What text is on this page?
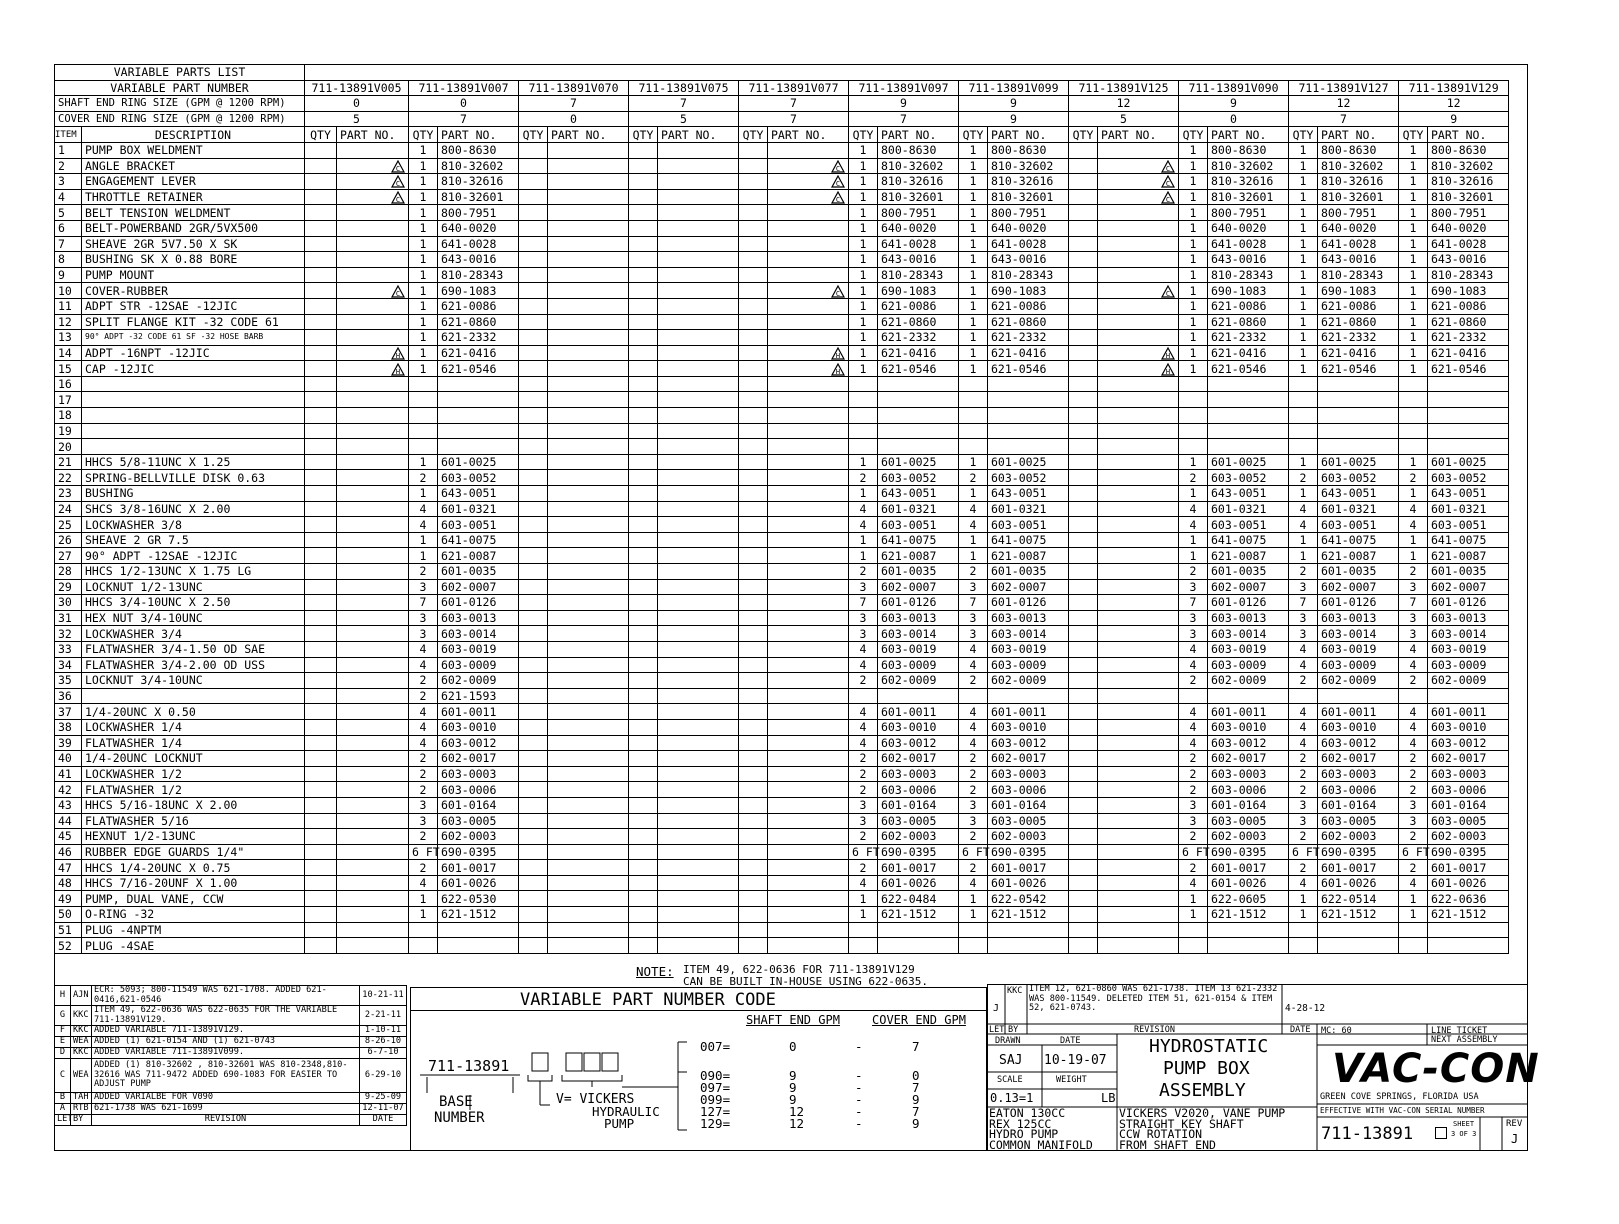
VARIABLE PARTS LIST																							
VARIABLE PART NUMBER		711-13891V005		711-13891V007		711-13891V070		711-13891V075		711-13891V077		711-13891V097		711-13891V099		711-13891V125		711-13891V090		711-13891V127		711-13891V129	
SHAFT END RING SIZE (GPM @ 1200 RPM)		0		0		7		7		7		9		9		12		9		12		12	
COVER END RING SIZE (GPM @ 1200 RPM)		5		7		0		5		7		7		9		5		0		7		9	
ITEM	DESCRIPTION	QTY	PART NO.	QTY	PART NO.	QTY	PART NO.	QTY	PART NO.	QTY	PART NO.	QTY	PART NO.	QTY	PART NO.	QTY	PART NO.	QTY	PART NO.	QTY	PART NO.	QTY	PART NO.
1	PUMP BOX WELDMENT			1	800-8630							1	800-8630	1	800-8630			1	800-8630	1	800-8630	1	800-8630
2	ANGLE BRACKET		C	1	810-32602						C	1	810-32602	1	810-32602		C	1	810-32602	1	810-32602	1	810-32602
3	ENGAGEMENT LEVER		C	1	810-32616						C	1	810-32616	1	810-32616		C	1	810-32616	1	810-32616	1	810-32616
4	THROTTLE RETAINER		C	1	810-32601						C	1	810-32601	1	810-32601		C	1	810-32601	1	810-32601	1	810-32601
5	BELT TENSION WELDMENT			1	800-7951							1	800-7951	1	800-7951			1	800-7951	1	800-7951	1	800-7951
6	BELT-POWERBAND 2GR/5VX500			1	640-0020							1	640-0020	1	640-0020			1	640-0020	1	640-0020	1	640-0020
7	SHEAVE 2GR 5V7.50 X SK			1	641-0028							1	641-0028	1	641-0028			1	641-0028	1	641-0028	1	641-0028
8	BUSHING SK X 0.88 BORE			1	643-0016							1	643-0016	1	643-0016			1	643-0016	1	643-0016	1	643-0016
9	PUMP MOUNT			1	810-28343							1	810-28343	1	810-28343			1	810-28343	1	810-28343	1	810-28343
10	COVER-RUBBER		C	1	690-1083						C	1	690-1083	1	690-1083		C	1	690-1083	1	690-1083	1	690-1083
11	ADPT STR -12SAE -12JIC			1	621-0086							1	621-0086	1	621-0086			1	621-0086	1	621-0086	1	621-0086
12	SPLIT FLANGE KIT -32 CODE 61			1	621-0860							1	621-0860	1	621-0860			1	621-0860	1	621-0860	1	621-0860
13	90° ADPT -32 CODE 61 SF -32 HOSE BARB			1	621-2332							1	621-2332	1	621-2332			1	621-2332	1	621-2332	1	621-2332
14	ADPT -16NPT -12JIC		H	1	621-0416						H	1	621-0416	1	621-0416		H	1	621-0416	1	621-0416	1	621-0416
15	CAP -12JIC		H	1	621-0546						H	1	621-0546	1	621-0546		H	1	621-0546	1	621-0546	1	621-0546
16																							
17																							
18																							
19																							
20																							
21	HHCS 5/8-11UNC X 1.25			1	601-0025							1	601-0025	1	601-0025			1	601-0025	1	601-0025	1	601-0025
22	SPRING-BELLVILLE DISK 0.63			2	603-0052							2	603-0052	2	603-0052			2	603-0052	2	603-0052	2	603-0052
23	BUSHING			1	643-0051							1	643-0051	1	643-0051			1	643-0051	1	643-0051	1	643-0051
24	SHCS 3/8-16UNC X 2.00			4	601-0321							4	601-0321	4	601-0321			4	601-0321	4	601-0321	4	601-0321
25	LOCKWASHER 3/8			4	603-0051							4	603-0051	4	603-0051			4	603-0051	4	603-0051	4	603-0051
26	SHEAVE 2 GR 7.5			1	641-0075							1	641-0075	1	641-0075			1	641-0075	1	641-0075	1	641-0075
27	90° ADPT -12SAE -12JIC			1	621-0087							1	621-0087	1	621-0087			1	621-0087	1	621-0087	1	621-0087
28	HHCS 1/2-13UNC X 1.75 LG			2	601-0035							2	601-0035	2	601-0035			2	601-0035	2	601-0035	2	601-0035
29	LOCKNUT 1/2-13UNC			3	602-0007							3	602-0007	3	602-0007			3	602-0007	3	602-0007	3	602-0007
30	HHCS 3/4-10UNC X 2.50			7	601-0126							7	601-0126	7	601-0126			7	601-0126	7	601-0126	7	601-0126
31	HEX NUT 3/4-10UNC			3	603-0013							3	603-0013	3	603-0013			3	603-0013	3	603-0013	3	603-0013
32	LOCKWASHER 3/4			3	603-0014							3	603-0014	3	603-0014			3	603-0014	3	603-0014	3	603-0014
33	FLATWASHER 3/4-1.50 OD SAE			4	603-0019							4	603-0019	4	603-0019			4	603-0019	4	603-0019	4	603-0019
34	FLATWASHER 3/4-2.00 OD USS			4	603-0009							4	603-0009	4	603-0009			4	603-0009	4	603-0009	4	603-0009
35	LOCKNUT 3/4-10UNC			2	602-0009							2	602-0009	2	602-0009			2	602-0009	2	602-0009	2	602-0009
36				2	621-1593																		
37	1/4-20UNC X 0.50			4	601-0011							4	601-0011	4	601-0011			4	601-0011	4	601-0011	4	601-0011
38	LOCKWASHER 1/4			4	603-0010							4	603-0010	4	603-0010			4	603-0010	4	603-0010	4	603-0010
39	FLATWASHER 1/4			4	603-0012							4	603-0012	4	603-0012			4	603-0012	4	603-0012	4	603-0012
40	1/4-20UNC LOCKNUT			2	602-0017							2	602-0017	2	602-0017			2	602-0017	2	602-0017	2	602-0017
41	LOCKWASHER 1/2			2	603-0003							2	603-0003	2	603-0003			2	603-0003	2	603-0003	2	603-0003
42	FLATWASHER 1/2			2	603-0006							2	603-0006	2	603-0006			2	603-0006	2	603-0006	2	603-0006
43	HHCS 5/16-18UNC X 2.00			3	601-0164							3	601-0164	3	601-0164			3	601-0164	3	601-0164	3	601-0164
44	FLATWASHER 5/16			3	603-0005							3	603-0005	3	603-0005			3	603-0005	3	603-0005	3	603-0005
45	HEXNUT 1/2-13UNC			2	602-0003							2	602-0003	2	602-0003			2	602-0003	2	602-0003	2	602-0003
46	RUBBER EDGE GUARDS 1/4"			6 FT	690-0395							6 FT	690-0395	6 FT	690-0395			6 FT	690-0395	6 FT	690-0395	6 FT	690-0395
47	HHCS 1/4-20UNC X 0.75			2	601-0017							2	601-0017	2	601-0017			2	601-0017	2	601-0017	2	601-0017
48	HHCS 7/16-20UNF X 1.00			4	601-0026							4	601-0026	4	601-0026			4	601-0026	4	601-0026	4	601-0026
49	PUMP, DUAL VANE, CCW			1	622-0530							1	622-0484	1	622-0542			1	622-0605	1	622-0514	1	622-0636
50	O-RING -32			1	621-1512							1	621-1512	1	621-1512			1	621-1512	1	621-1512	1	621-1512
51	PLUG -4NPTM																						
52	PLUG -4SAE																						
NOTE: ITEM 49, 622-0636 FOR 711-13891V129
CAN BE BUILT IN-HOUSE USING 622-0635.
H	AJN	ECR: 5093; 800-11549 WAS 621-1708. ADDED 621-0416,621-0546	10-21-11
G	KKC	ITEM 49, 622-0636 WAS 622-0635 FOR THE VARIABLE 711-13891V129.	2-21-11
F	KKC	ADDED VARIABLE 711-13891V129.	1-10-11
E	WEA	ADDED (1) 621-0154 AND (1) 621-0743	8-26-10
D	KKC	ADDED VARIABLE 711-13891V099.	6-7-10
C	WEA	ADDED (1) 810-32602 , 810-32601 WAS 810-2348,810-32616 WAS 711-9472 ADDED 690-1083 FOR EASIER TO ADJUST PUMP	6-29-10
B	TAH	ADDED VARIALBE FOR V090	9-25-09
A	RTB	621-1738 WAS 621-1699	12-11-07
LET	BY	REVISION	DATE
VARIABLE PART NUMBER CODE
SHAFT END GPM	COVER END GPM
711-13891
BASE
NUMBER
V= VICKERS
HYDRAULIC
PUMP
007=	0	-	7
090=	9	-	0
097=	9	-	7
099=	9	-	9
127=	12	-	7
129=	12	-	9
J
KKC ITEM 12, 621-0860 WAS 621-1738. ITEM 13 621-2332 WAS 800-11549. DELETED ITEM 51, 621-0154 & ITEM 52, 621-0743.	4-28-12
LET BY	REVISION	DATE
DRAWN	DATE
SAJ 10-19-07
SCALE	WEIGHT
0.13=1	LB
HYDROSTATIC
PUMP BOX
ASSEMBLY
EATON 130CC
REX 125CC
HYDRO PUMP
COMMON MANIFOLD
VICKERS V2020, VANE PUMP
STRAIGHT KEY SHAFT
CCW ROTATION
FROM SHAFT END
LINE TICKET
MC: 60
NEXT ASSEMBLY
VAC-CON
GREEN COVE SPRINGS, FLORIDA USA
EFFECTIVE WITH VAC-CON SERIAL NUMBER
711-13891	SHEET
3 OF 3
REV
J
